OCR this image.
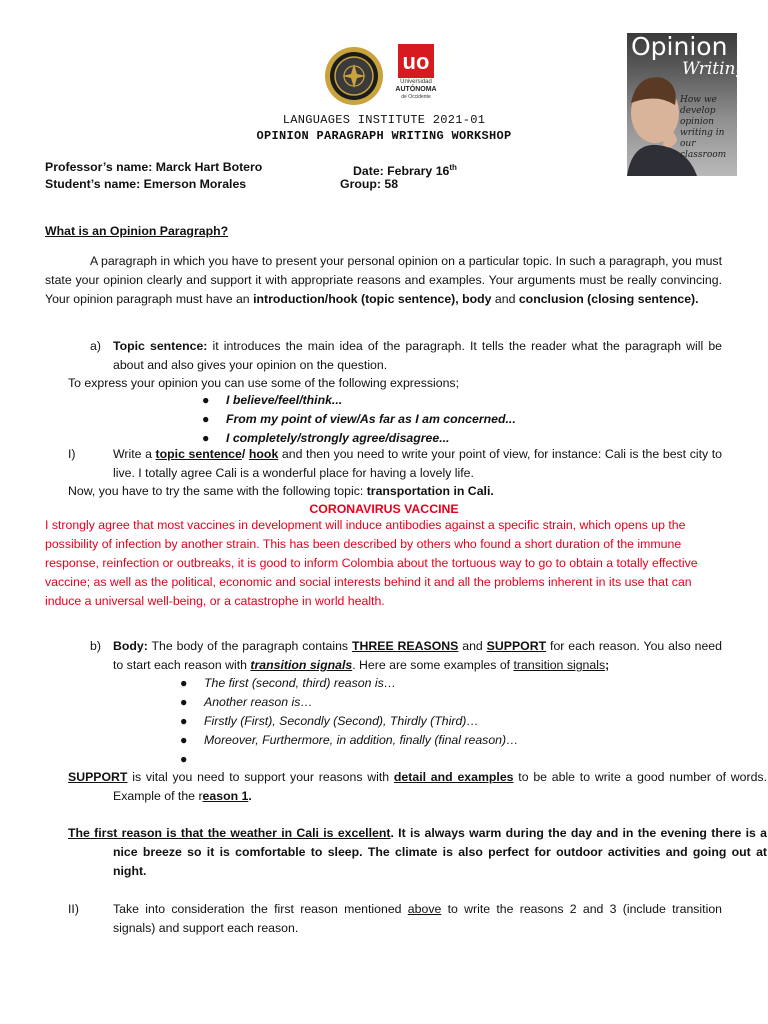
uo
Universidad
AUTÓNOMA
de Occidente
Opinion
Writing
How we develop opinion writing in our classroom
LANGUAGES INSTITUTE 2021-01
OPINION PARAGRAPH WRITING WORKSHOP
Professor’s name: Marck Hart Botero	Date: Febrary 16th
Student’s name: Emerson Morales	Group: 58
What is an Opinion Paragraph?
A paragraph in which you have to present your personal opinion on a particular topic. In such a paragraph, you must state your opinion clearly and support it with appropriate reasons and examples. Your arguments must be really convincing. Your opinion paragraph must have an introduction/hook (topic sentence), body and conclusion (closing sentence).
a) Topic sentence: it introduces the main idea of the paragraph. It tells the reader what the paragraph will be about and also gives your opinion on the question.
To express your opinion you can use some of the following expressions;
● I believe/feel/think...
● From my point of view/As far as I am concerned...
● I completely/strongly agree/disagree...
I)	Write a topic sentence/ hook and then you need to write your point of view, for instance: Cali is the best city to live. I totally agree Cali is a wonderful place for having a lovely life.
Now, you have to try the same with the following topic: transportation in Cali.
CORONAVIRUS VACCINE
I strongly agree that most vaccines in development will induce antibodies against a specific strain, which opens up the possibility of infection by another strain. This has been described by others who found a short duration of the immune response, reinfection or outbreaks, it is good to inform Colombia about the tortuous way to go to obtain a totally effective vaccine; as well as the political, economic and social interests behind it and all the problems inherent in its use that can induce a universal well-being, or a catastrophe in world health.
b) Body: The body of the paragraph contains THREE REASONS and SUPPORT for each reason. You also need to start each reason with transition signals. Here are some examples of transition signals;
● The first (second, third) reason is…
● Another reason is…
● Firstly (First), Secondly (Second), Thirdly (Third)…
● Moreover, Furthermore, in addition, finally (final reason)…
●
SUPPORT is vital you need to support your reasons with detail and examples to be able to write a good number of words. Example of the reason 1.
The first reason is that the weather in Cali is excellent. It is always warm during the day and in the evening there is a nice breeze so it is comfortable to sleep. The climate is also perfect for outdoor activities and going out at night.
II)	Take into consideration the first reason mentioned above to write the reasons 2 and 3 (include transition signals) and support each reason.
